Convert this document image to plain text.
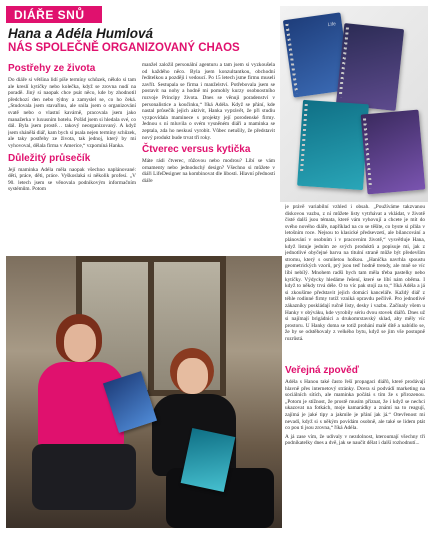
DIÁŘE SNŮ
Hana a Adéla Humlová
NÁS SPOLEČNĚ ORGANIZOVANÝ CHAOS
Postřehy ze života

Do diáře si většina lidí píše termíny schůzek, někdo si tam ale kreslí kytičky nebo kolečka, když se zrovna nudí na poradě. Jiný si naopak chce psát něco, kde by zhodnotil předchozí den nebo týdny a zamyslel se, co ho čeká. „Studovala jsem stavařinu, ale snila jsem o organizování svatě nebo o vlastní kavárně, pracovala jsem jako manažerka v luxusním hotelu. Pořád jsem si hledala své, co dál. Byla jsem prostě… takový neorganizovaný. A když jsem shánělá diář, kam bych si psala nejen termíny schůzek, ale taky postřehy ze života, tak jednoj, který by mi vyhovoval, dělala firma v Americe,“ vzpomíná Hanka.

Důležitý průsečík

Její maminka Adéla měla naopak všechno naplánované: děti, práce, děti, práce. Vyškoslaká si několik profesí. „V 90. letech jsem se věnovala podnikovým informačním systémům. Potom

manžel založil personální agenturu a tam jsem si vyzkoušela od každého něco. Byla jsem konzultantkou, obchodní ředitelkou a později i vedoucí. Po 15 letech jsme firmu museli zavřít. Sestupala se firma i manželství. Potřebovala jsem se postavit na nohy a hodně mi pomohly kurzy osobnostního rozvoje Principy života. Dnes se věnuji poradenství v personalistice a koučinku,“ říká Adéla. Když se přání, kde nastal průsečík jejich aktivit, Hanka vyprávět, že při studiu vyzpovídala maminece s projekty její porodenské firmy. Jednou s ní mluvila o svém vysněném diáři a maminka se zeptala, zda ho neskusí vyrobit. Vůbec netušily, že představit nový produkt bude trvat tři roky.

Čtverec versus kytička

Máte rádi čtverec, růžovou nebo modrou? Líbí se vám ornamenty nebo jednoduchý design? Všechno si můžete v diáři LifeDesigner na kombinovat dle libosti. Hlavní předností diáře

Life

je právě variabilní vzhled i obsah. „Používáme takzvanou diskovou vazbu, z ní můžete listy vytrhávat a vkládat, v životě čisté další jsou témata, které vám vyhovují a chcete je mít do svého nového diáře, například na co se těšíte, co byste si přála v letošním roce. Nejsou to klasické předsevzetí, ale bilancování a plánování v osobním i v pracovním životě,“ vysvětluje Hana, když listuje jedním ze svých produktů a popisuje mi, jak z jednotlivé obyčejné barva na titulní straně může být především stromu, který s osmiletou holkou. „Hanička navrhla spoustu geometrických vzorů, prý jsou teď hodně trendy, ale mně se víc líbí nebílý. Mnohem radši bych tam měla třeba pastelky nebo kytičky. Výdycky hledáme řešení, které se líbí nám oběma. I když to někdy trvá déle. O to víc pak stojí za to,“ říká Adéla a já si zkoušíme představit jejich domácí kanceláře. Každý diář z téhle rodinné firmy totiž vzniká opravdu pečlivě. Pro jednotlivé zákazníky poskládají ručně listy, desky i vazbu. Začínaly všem u Hanky v obýváku, kde vyrobily sériu dvou stovek diářů. Dnes už si najímají brigádnici a drukomrstavský sklad, aby měly víc prostoru. U Hanky doma se totiž prohání malé dítě a nabídlo se, že by se odstěhovaly z velkého bytu, když se jim vše postupně rozrůstá.

Veřejná zpověď

Adéla s Hanou také často řeší propagaci diářů, které prodávají hlavně přes internetový stránky. Dcera si podvádí marketing na sociálních sítích, ale maminka počátá s tím že s přirozenou. „Potom je stížnost, že prostě musím přiznat, že i když se nechci ukazovat na fotkách, moje kamarádky a známí na to reagují, zajímá je jaké tipy a jakmile je přání jak já.“ Otevřenost mi nevadí, když si s někým povídám osobně, ale také se lidem ptát co pou ti jsou zrovna,“ říká Adéla.

A já zase vím, že udivaly v nezdolnost, kteroumají všechny tři podnikatelky dnes a dvě, jak se naučit dělat i další rozhodnutí...
